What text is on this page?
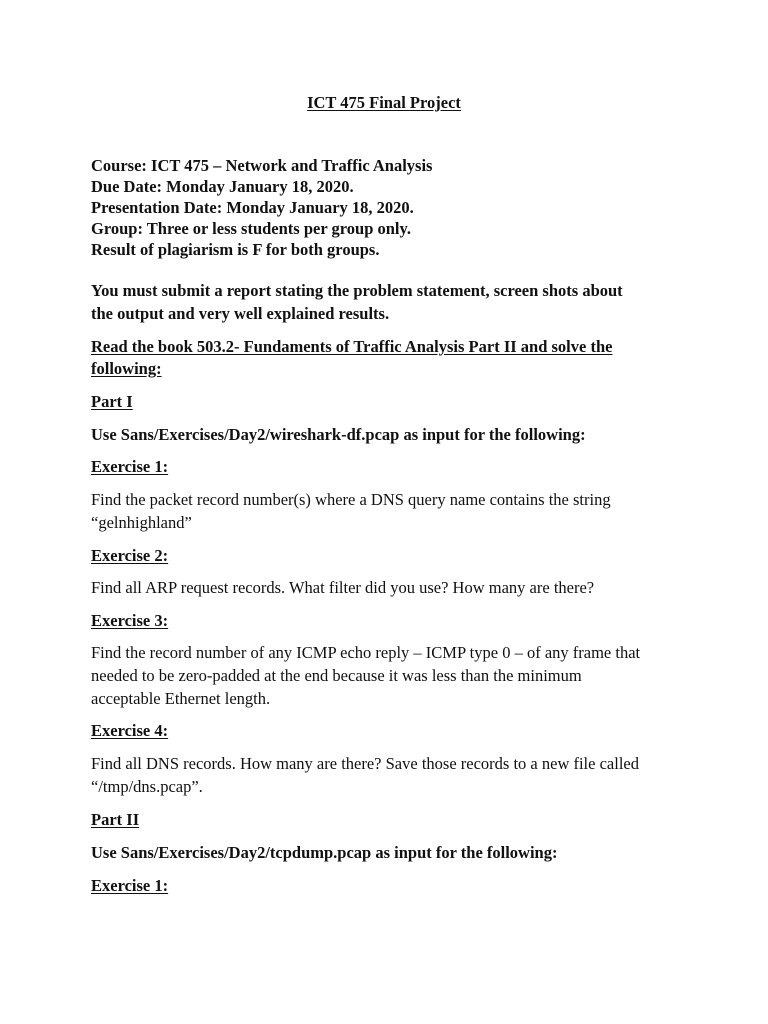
ICT 475 Final Project
Course: ICT 475 – Network and Traffic Analysis
Due Date: Monday January 18, 2020.
Presentation Date: Monday January 18, 2020.
Group: Three or less students per group only.
Result of plagiarism is F for both groups.
You must submit a report stating the problem statement, screen shots about
the output and very well explained results.
Read the book 503.2- Fundaments of Traffic Analysis Part II and solve the
following:
Part I
Use Sans/Exercises/Day2/wireshark-df.pcap as input for the following:
Exercise 1:
Find the packet record number(s) where a DNS query name contains the string
“gelnhighland”
Exercise 2:
Find all ARP request records. What filter did you use? How many are there?
Exercise 3:
Find the record number of any ICMP echo reply – ICMP type 0 – of any frame that
needed to be zero-padded at the end because it was less than the minimum
acceptable Ethernet length.
Exercise 4:
Find all DNS records. How many are there? Save those records to a new file called
“/tmp/dns.pcap”.
Part II
Use Sans/Exercises/Day2/tcpdump.pcap as input for the following:
Exercise 1:
